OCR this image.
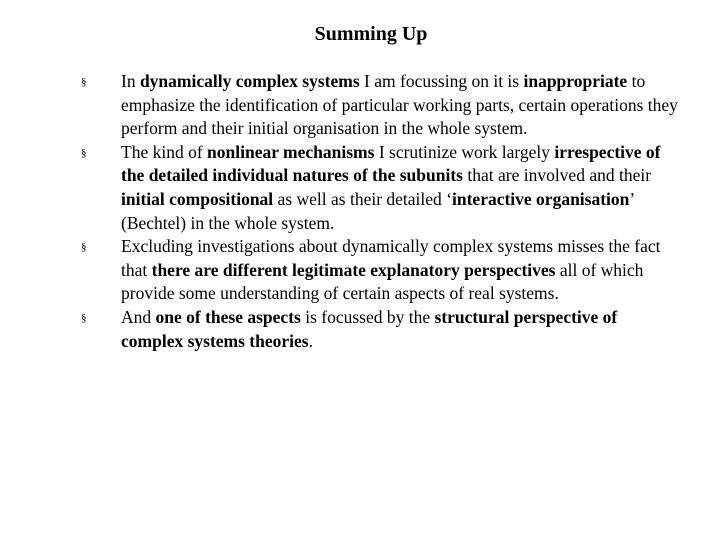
Summing Up
§ In dynamically complex systems I am focussing on it is inappropriate to emphasize the identification of particular working parts, certain operations they perform and their initial organisation in the whole system.
§ The kind of nonlinear mechanisms I scrutinize work largely irrespective of the detailed individual natures of the subunits that are involved and their initial compositional as well as their detailed ‘interactive organisation’ (Bechtel) in the whole system.
§ Excluding investigations about dynamically complex systems misses the fact that there are different legitimate explanatory perspectives all of which provide some understanding of certain aspects of real systems.
§ And one of these aspects is focussed by the structural perspective of complex systems theories.
